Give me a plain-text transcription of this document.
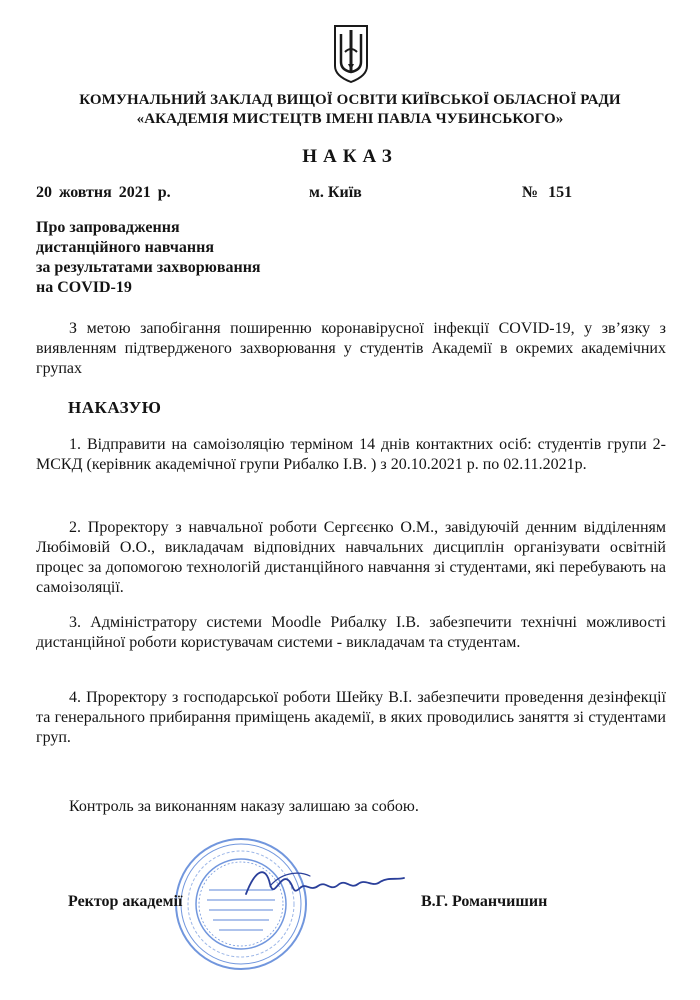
КОМУНАЛЬНИЙ ЗАКЛАД ВИЩОЇ ОСВІТИ КИЇВСЬКОЇ ОБЛАСНОЇ РАДИ
«АКАДЕМІЯ МИСТЕЦТВ ІМЕНІ ПАВЛА ЧУБИНСЬКОГО»
НАКАЗ
20 жовтня 2021 р.	м. Київ	№ 151
Про запровадження
дистанційного навчання
за результатами захворювання
на COVID-19
З метою запобігання поширенню коронавірусної інфекції COVID-19, у зв’язку з виявленням підтвердженого захворювання у студентів Академії в окремих академічних групах
НАКАЗУЮ
1. Відправити на самоізоляцію терміном 14 днів контактних осіб: студентів групи 2-МСКД (керівник академічної групи Рибалко І.В. ) з 20.10.2021 р. по 02.11.2021р.
2. Проректору з навчальної роботи Сергєєнко О.М., завідуючій денним відділенням Любімовій О.О., викладачам відповідних навчальних дисциплін організувати освітній процес за допомогою технологій дистанційного навчання зі студентами, які перебувають на самоізоляції.
3. Адміністратору системи Moodle Рибалку І.В. забезпечити технічні можливості дистанційної роботи користувачам системи - викладачам та студентам.
4. Проректору з господарської роботи Шейку В.І. забезпечити проведення дезінфекції та генерального прибирання приміщень академії, в яких проводились заняття зі студентами груп.
Контроль за виконанням наказу залишаю за собою.
Ректор академії	В.Г. Романчишин
